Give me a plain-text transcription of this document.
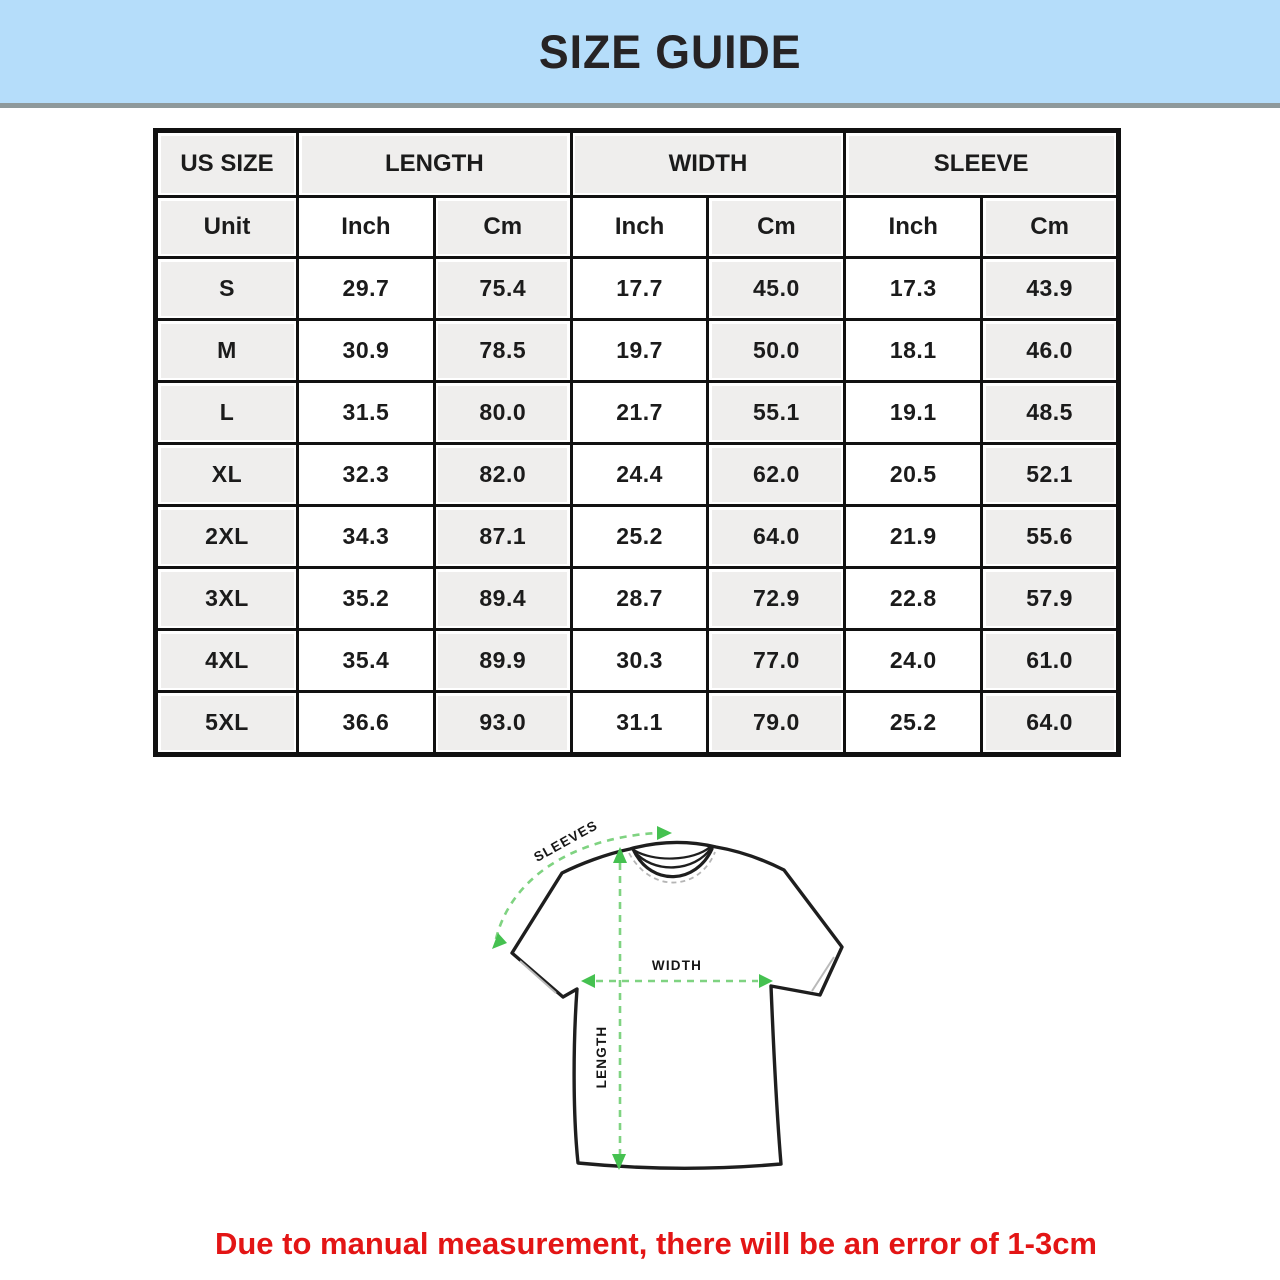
SIZE GUIDE
US SIZE	LENGTH		WIDTH		SLEEVE	
Unit	Inch	Cm	Inch	Cm	Inch	Cm
S	29.7	75.4	17.7	45.0	17.3	43.9
M	30.9	78.5	19.7	50.0	18.1	46.0
L	31.5	80.0	21.7	55.1	19.1	48.5
XL	32.3	82.0	24.4	62.0	20.5	52.1
2XL	34.3	87.1	25.2	64.0	21.9	55.6
3XL	35.2	89.4	28.7	72.9	22.8	57.9
4XL	35.4	89.9	30.3	77.0	24.0	61.0
5XL	36.6	93.0	31.1	79.0	25.2	64.0
WIDTH
LENGTH
SLEEVES
Due to manual measurement, there will be an error of 1-3cm
